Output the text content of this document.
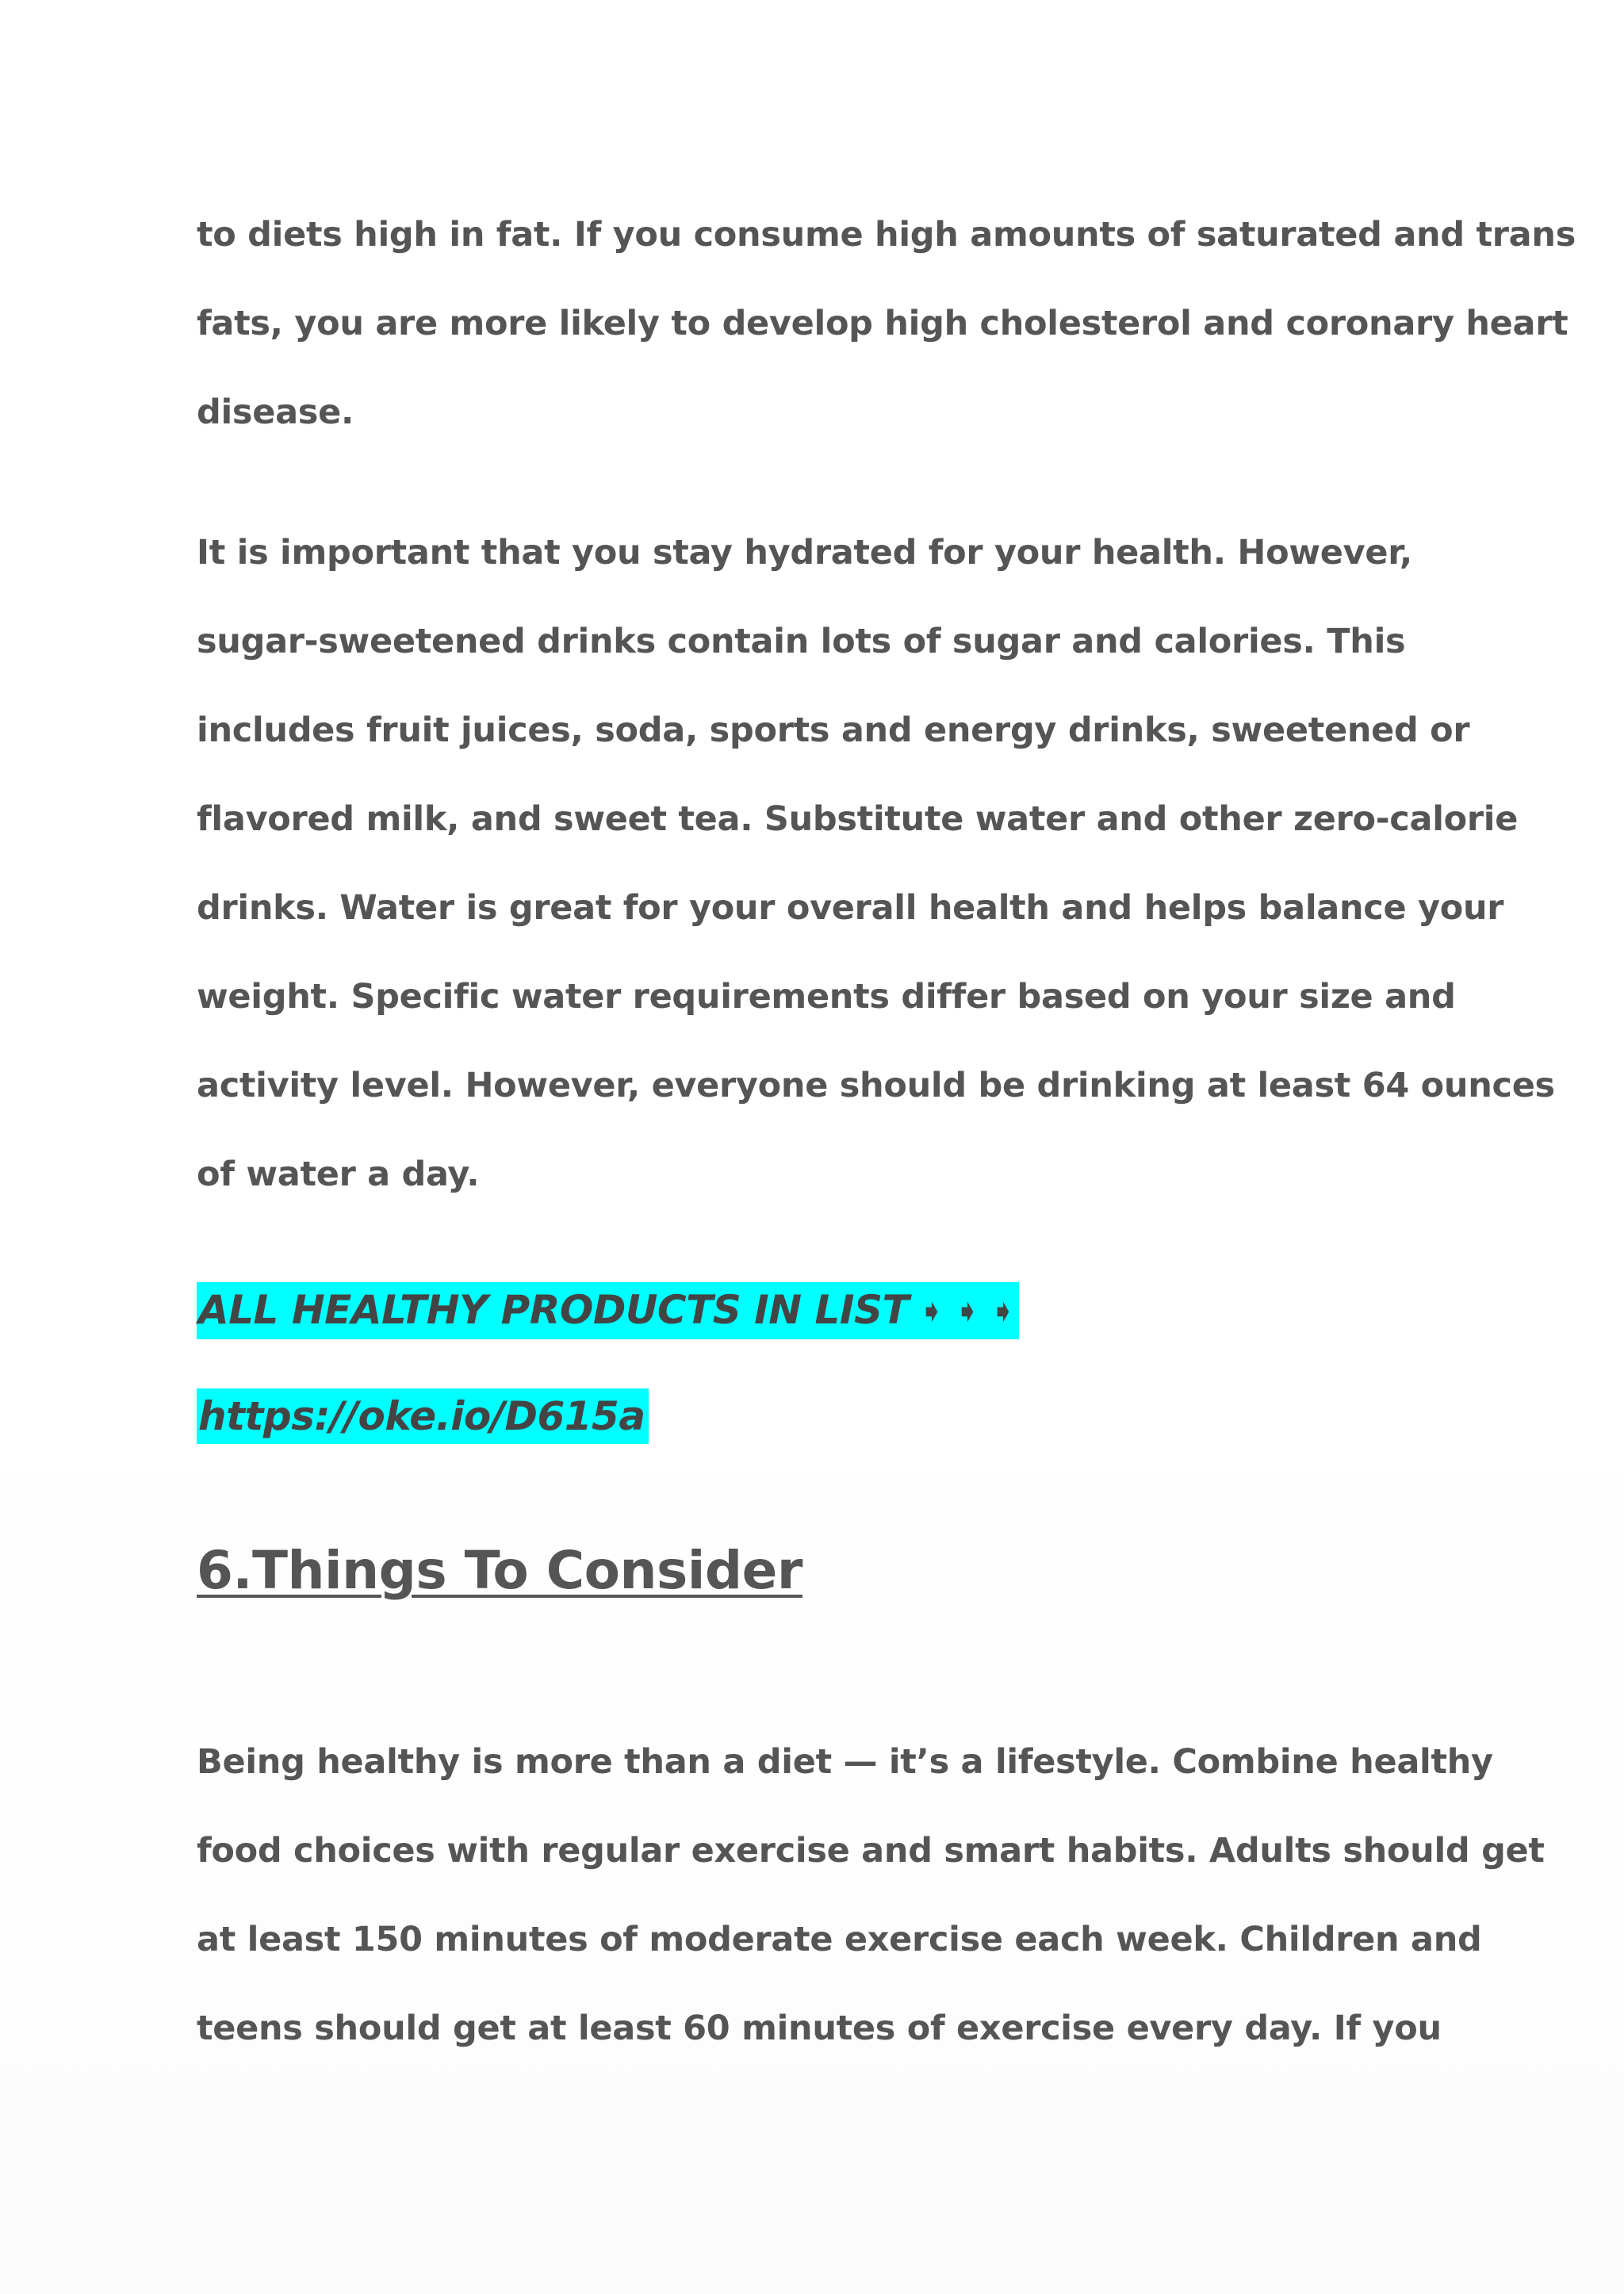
to diets high in fat. If you consume high amounts of saturated and trans
fats, you are more likely to develop high cholesterol and coronary heart
disease.
It is important that you stay hydrated for your health. However,
sugar-sweetened drinks contain lots of sugar and calories. This
includes fruit juices, soda, sports and energy drinks, sweetened or
flavored milk, and sweet tea. Substitute water and other zero-calorie
drinks. Water is great for your overall health and helps balance your
weight. Specific water requirements differ based on your size and
activity level. However, everyone should be drinking at least 64 ounces
of water a day.
ALL HEALTHY PRODUCTS IN LIST ➧ ➧ ➧
https://oke.io/D615a
6.Things To Consider
Being healthy is more than a diet — it’s a lifestyle. Combine healthy
food choices with regular exercise and smart habits. Adults should get
at least 150 minutes of moderate exercise each week. Children and
teens should get at least 60 minutes of exercise every day. If you
